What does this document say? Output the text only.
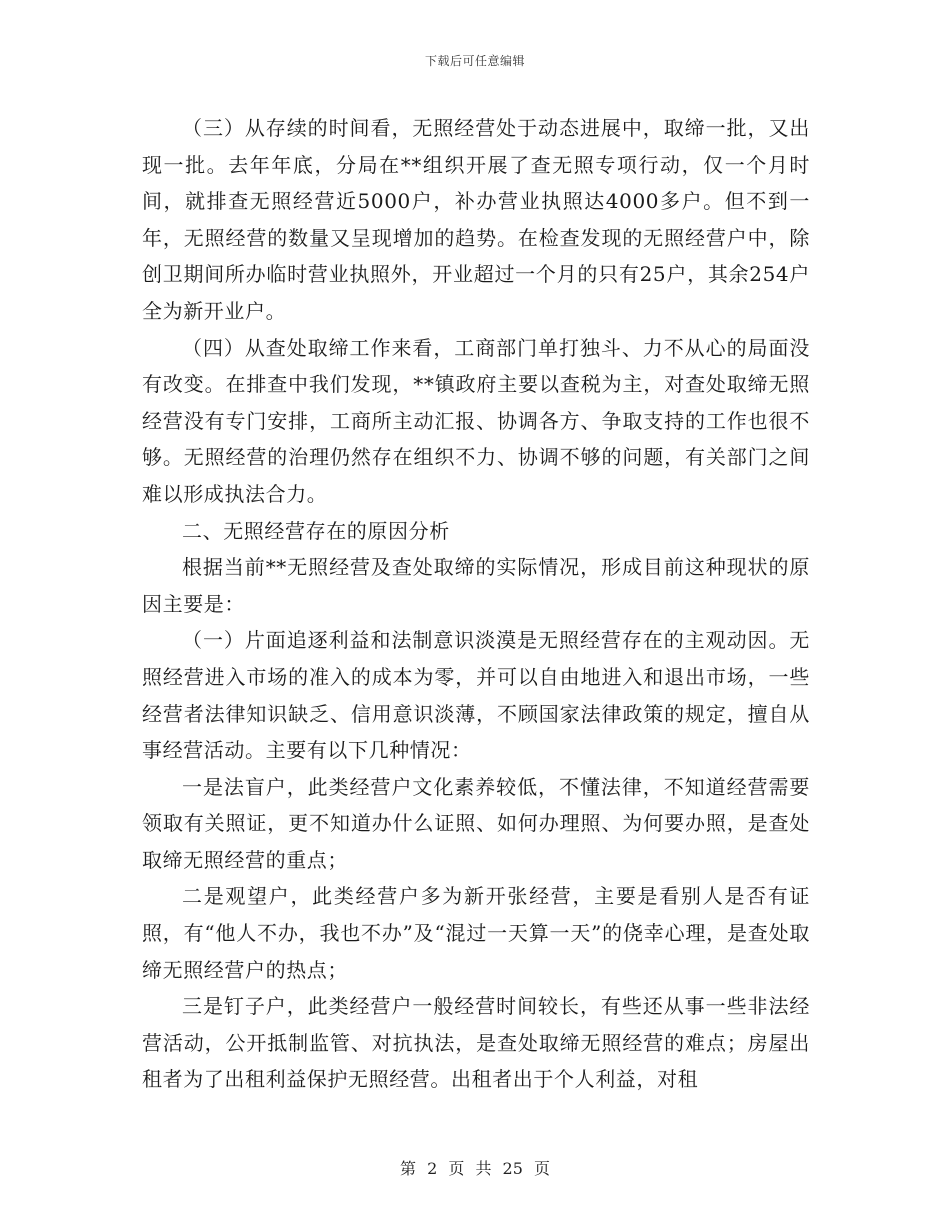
下载后可任意编辑

（三）从存续的时间看，无照经营处于动态进展中，取缔一批，又出现一批。去年年底，分局在**组织开展了查无照专项行动，仅一个月时间，就排查无照经营近5000户，补办营业执照达4000多户。但不到一年，无照经营的数量又呈现增加的趋势。在检查发现的无照经营户中，除创卫期间所办临时营业执照外，开业超过一个月的只有25户，其余254户全为新开业户。

（四）从查处取缔工作来看，工商部门单打独斗、力不从心的局面没有改变。在排查中我们发现，**镇政府主要以查税为主，对查处取缔无照经营没有专门安排，工商所主动汇报、协调各方、争取支持的工作也很不够。无照经营的治理仍然存在组织不力、协调不够的问题，有关部门之间难以形成执法合力。

二、无照经营存在的原因分析

根据当前**无照经营及查处取缔的实际情况，形成目前这种现状的原因主要是：

（一）片面追逐利益和法制意识淡漠是无照经营存在的主观动因。无照经营进入市场的准入的成本为零，并可以自由地进入和退出市场，一些经营者法律知识缺乏、信用意识淡薄，不顾国家法律政策的规定，擅自从事经营活动。主要有以下几种情况：

一是法盲户，此类经营户文化素养较低，不懂法律，不知道经营需要领取有关照证，更不知道办什么证照、如何办理照、为何要办照，是查处取缔无照经营的重点；

二是观望户，此类经营户多为新开张经营，主要是看别人是否有证照，有“他人不办，我也不办”及“混过一天算一天”的侥幸心理，是查处取缔无照经营户的热点；

三是钉子户，此类经营户一般经营时间较长，有些还从事一些非法经营活动，公开抵制监管、对抗执法，是查处取缔无照经营的难点；房屋出租者为了出租利益保护无照经营。出租者出于个人利益，对租

第 2 页 共 25 页
